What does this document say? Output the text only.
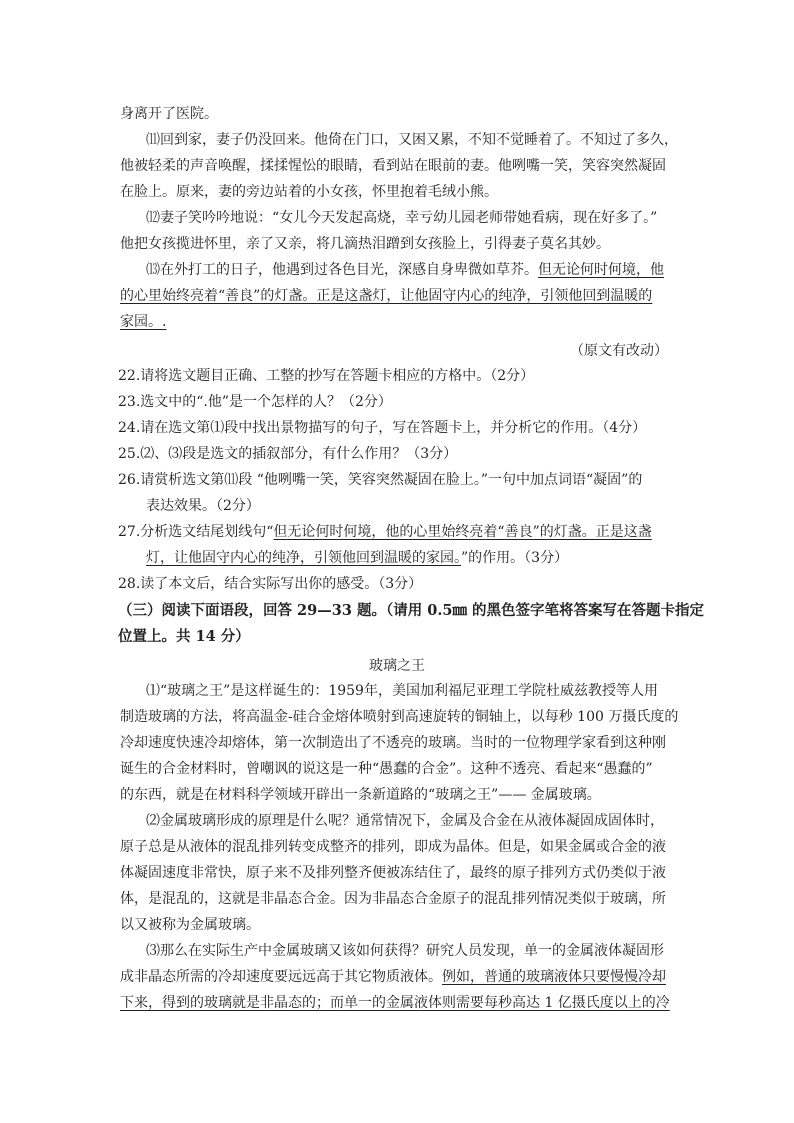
身离开了医院。
⑾回到家，妻子仍没回来。他倚在门口，又困又累，不知不觉睡着了。不知过了多久，
他被轻柔的声音唤醒，揉揉惺忪的眼睛，看到站在眼前的妻。他咧嘴一笑，笑容突然凝固
在脸上。原来，妻的旁边站着的小女孩，怀里抱着毛绒小熊。
⑿妻子笑吟吟地说：“女儿今天发起高烧，幸亏幼儿园老师带她看病，现在好多了。”
他把女孩揽进怀里，亲了又亲，将几滴热泪蹭到女孩脸上，引得妻子莫名其妙。
⒀在外打工的日子，他遇到过各色目光，深感自身卑微如草芥。但无论何时何境，他
的心里始终亮着“善良”的灯盏。正是这盏灯，让他固守内心的纯净，引领他回到温暖的
家园。.
（原文有改动）
22.请将选文题目正确、工整的抄写在答题卡相应的方格中。（2分）
23.选文中的“.他”是一个怎样的人？（2分）
24.请在选文第⑴段中找出景物描写的句子，写在答题卡上，并分析它的作用。（4分）
25.⑵、⑶段是选文的插叙部分，有什么作用？（3分）
26.请赏析选文第⑾段 “他咧嘴一笑，笑容突然凝固在脸上。”一句中加点词语“凝固”的
表达效果。（2分）
27.分析选文结尾划线句“但无论何时何境，他的心里始终亮着“善良”的灯盏。正是这盏
灯，让他固守内心的纯净，引领他回到温暖的家园。”的作用。（3分）
28.读了本文后，结合实际写出你的感受。（3分）
（三）阅读下面语段，回答 29—33 题。（请用 0.5㎜ 的黑色签字笔将答案写在答题卡指定
位置上。共 14 分）
玻璃之王
⑴“玻璃之王”是这样诞生的：1959年，美国加利福尼亚理工学院杜威兹教授等人用
制造玻璃的方法，将高温金-硅合金熔体喷射到高速旋转的铜轴上，以每秒 100 万摄氏度的
冷却速度快速冷却熔体，第一次制造出了不透亮的玻璃。当时的一位物理学家看到这种刚
诞生的合金材料时，曾嘲讽的说这是一种“愚蠢的合金”。这种不透亮、看起来“愚蠢的”
的东西，就是在材料科学领域开辟出一条新道路的“玻璃之王”—— 金属玻璃。
⑵金属玻璃形成的原理是什么呢？通常情况下，金属及合金在从液体凝固成固体时，
原子总是从液体的混乱排列转变成整齐的排列，即成为晶体。但是，如果金属或合金的液
体凝固速度非常快，原子来不及排列整齐便被冻结住了，最终的原子排列方式仍类似于液
体，是混乱的，这就是非晶态合金。因为非晶态合金原子的混乱排列情况类似于玻璃，所
以又被称为金属玻璃。
⑶那么在实际生产中金属玻璃又该如何获得？研究人员发现，单一的金属液体凝固形
成非晶态所需的冷却速度要远远高于其它物质液体。例如，普通的玻璃液体只要慢慢冷却
下来，得到的玻璃就是非晶态的；而单一的金属液体则需要每秒高达 1 亿摄氏度以上的冷
